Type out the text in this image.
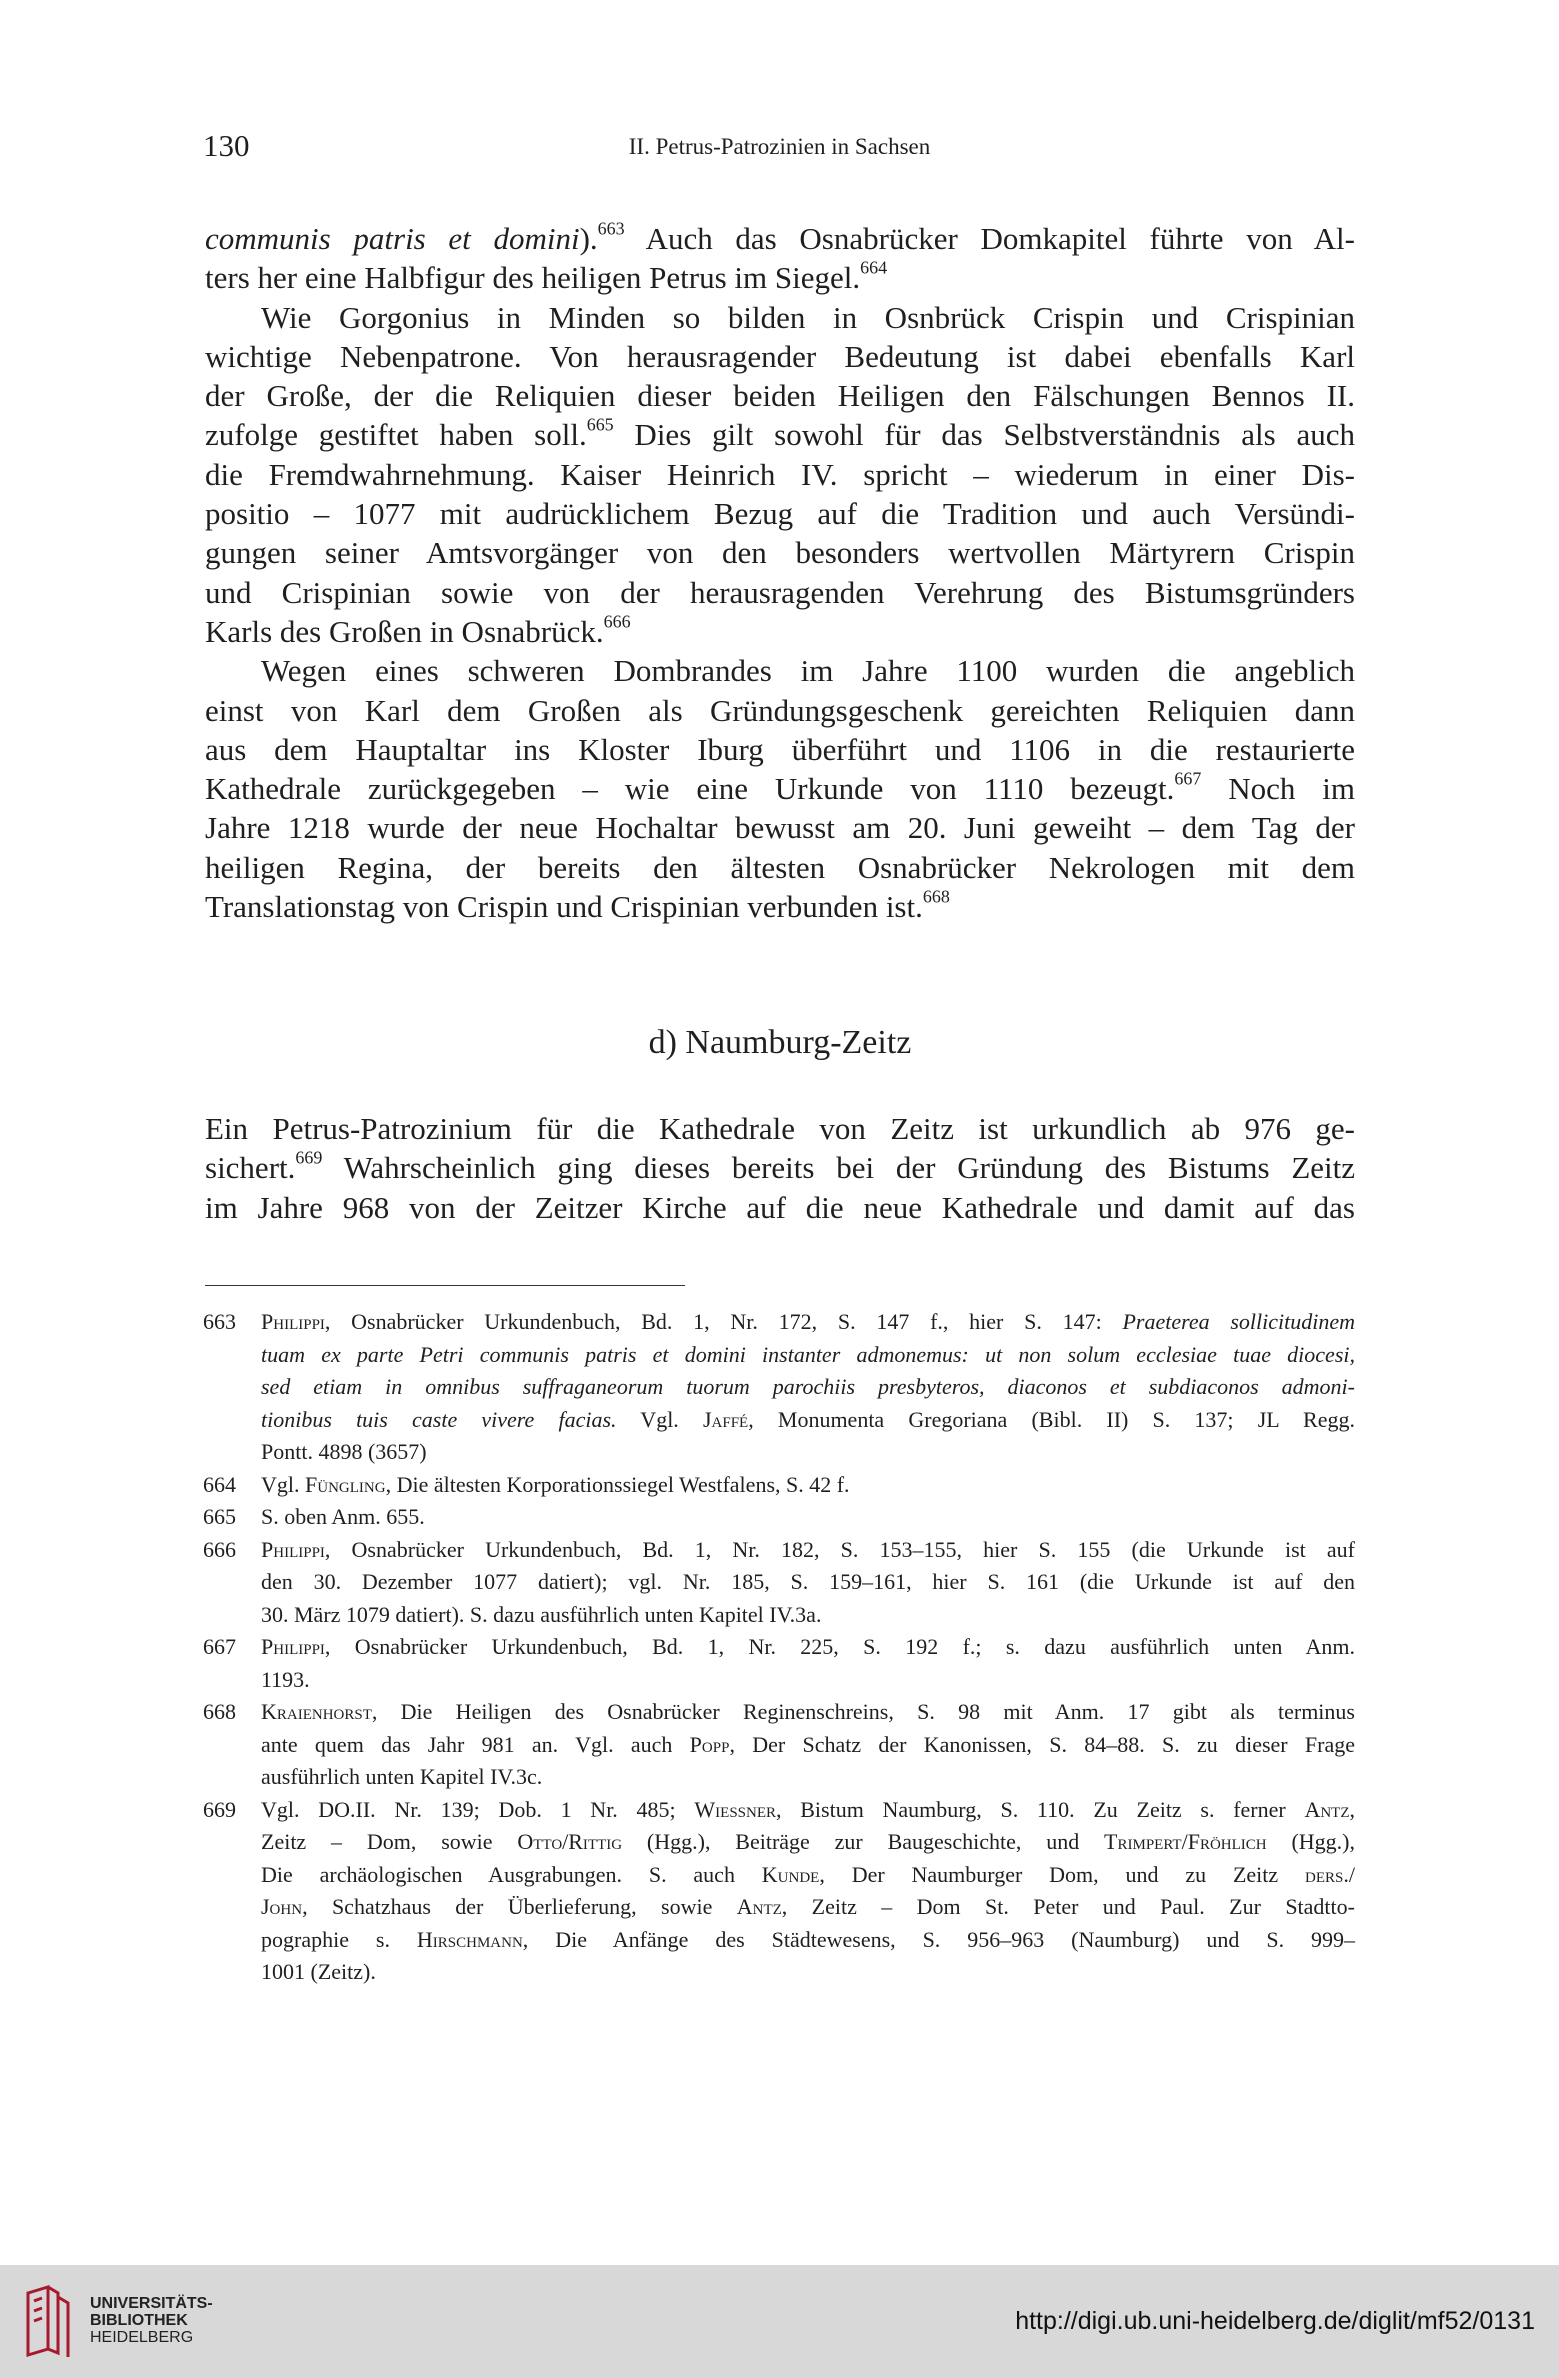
130	II. Petrus-Patrozinien in Sachsen
communis patris et domini).$^{663}$ Auch das Osnabrücker Domkapitel führte von Al-
ters her eine Halbfigur des heiligen Petrus im Siegel.$^{664}$
Wie Gorgonius in Minden so bilden in Osnbrück Crispin und Crispinian
wichtige Nebenpatrone. Von herausragender Bedeutung ist dabei ebenfalls Karl
der Große, der die Reliquien dieser beiden Heiligen den Fälschungen Bennos II.
zufolge gestiftet haben soll.$^{665}$ Dies gilt sowohl für das Selbstverständnis als auch
die Fremdwahrnehmung. Kaiser Heinrich IV. spricht – wiederum in einer Dis-
positio – 1077 mit audrücklichem Bezug auf die Tradition und auch Versündi-
gungen seiner Amtsvorgänger von den besonders wertvollen Märtyrern Crispin
und Crispinian sowie von der herausragenden Verehrung des Bistumsgründers
Karls des Großen in Osnabrück.$^{666}$
Wegen eines schweren Dombrandes im Jahre 1100 wurden die angeblich
einst von Karl dem Großen als Gründungsgeschenk gereichten Reliquien dann
aus dem Hauptaltar ins Kloster Iburg überführt und 1106 in die restaurierte
Kathedrale zurückgegeben – wie eine Urkunde von 1110 bezeugt.$^{667}$ Noch im
Jahre 1218 wurde der neue Hochaltar bewusst am 20. Juni geweiht – dem Tag der
heiligen Regina, der bereits den ältesten Osnabrücker Nekrologen mit dem
Translationstag von Crispin und Crispinian verbunden ist.$^{668}$
d) Naumburg-Zeitz
Ein Petrus-Patrozinium für die Kathedrale von Zeitz ist urkundlich ab 976 ge-
sichert.$^{669}$ Wahrscheinlich ging dieses bereits bei der Gründung des Bistums Zeitz
im Jahre 968 von der Zeitzer Kirche auf die neue Kathedrale und damit auf das
663 Philippi, Osnabrücker Urkundenbuch, Bd. 1, Nr. 172, S. 147 f., hier S. 147: Praeterea sollicitudinem
tuam ex parte Petri communis patris et domini instanter admonemus: ut non solum ecclesiae tuae diocesi,
sed etiam in omnibus suffraganeorum tuorum parochiis presbyteros, diaconos et subdiaconos admoni-
tionibus tuis caste vivere facias. Vgl. Jaffé, Monumenta Gregoriana (Bibl. II) S. 137; JL Regg.
Pontt. 4898 (3657)
664 Vgl. Füngling, Die ältesten Korporationssiegel Westfalens, S. 42 f.
665 S. oben Anm. 655.
666 Philippi, Osnabrücker Urkundenbuch, Bd. 1, Nr. 182, S. 153–155, hier S. 155 (die Urkunde ist auf
den 30. Dezember 1077 datiert); vgl. Nr. 185, S. 159–161, hier S. 161 (die Urkunde ist auf den
30. März 1079 datiert). S. dazu ausführlich unten Kapitel IV.3a.
667 Philippi, Osnabrücker Urkundenbuch, Bd. 1, Nr. 225, S. 192 f.; s. dazu ausführlich unten Anm.
1193.
668 Kraienhorst, Die Heiligen des Osnabrücker Reginenschreins, S. 98 mit Anm. 17 gibt als terminus
ante quem das Jahr 981 an. Vgl. auch Popp, Der Schatz der Kanonissen, S. 84–88. S. zu dieser Frage
ausführlich unten Kapitel IV.3c.
669 Vgl. DO.II. Nr. 139; Dob. 1 Nr. 485; Wiessner, Bistum Naumburg, S. 110. Zu Zeitz s. ferner Antz,
Zeitz – Dom, sowie Otto/Rittig (Hgg.), Beiträge zur Baugeschichte, und Trimpert/Fröhlich (Hgg.),
Die archäologischen Ausgrabungen. S. auch Kunde, Der Naumburger Dom, und zu Zeitz ders./
John, Schatzhaus der Überlieferung, sowie Antz, Zeitz – Dom St. Peter und Paul. Zur Stadtto-
pographie s. Hirschmann, Die Anfänge des Städtewesens, S. 956–963 (Naumburg) und S. 999–
1001 (Zeitz).
UNIVERSITÄTS-
BIBLIOTHEK
HEIDELBERG
http://digi.ub.uni-heidelberg.de/diglit/mf52/0131
